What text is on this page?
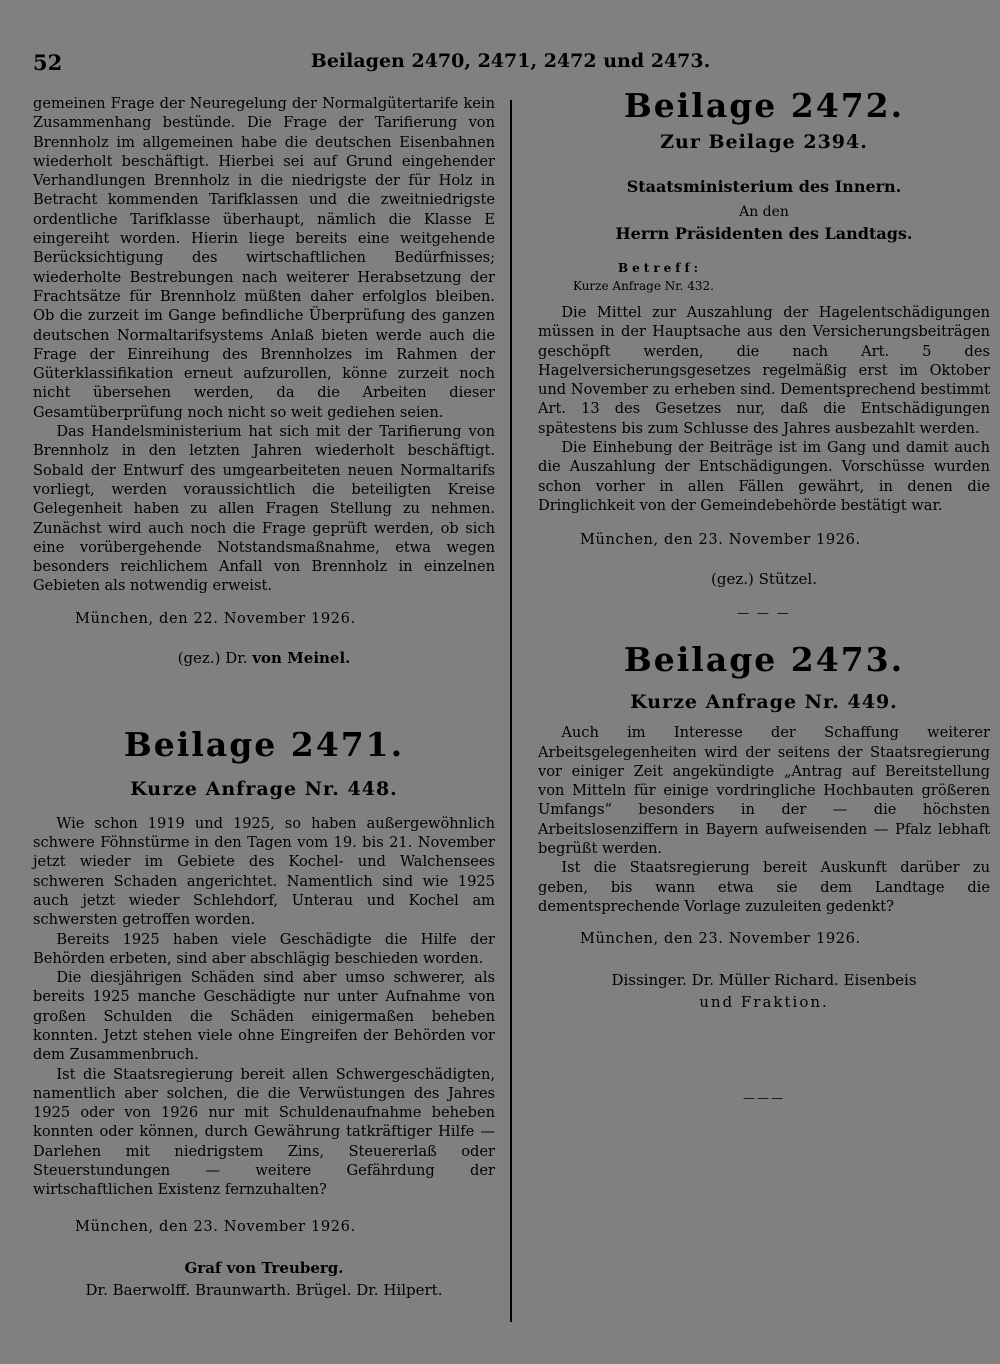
52	Beilagen 2470, 2471, 2472 und 2473.

gemeinen Frage der Neuregelung der Normalgütertarife kein Zusammenhang bestünde. Die Frage der Tarifierung von Brennholz im allgemeinen habe die deutschen Eisenbahnen wiederholt beschäftigt. Hierbei sei auf Grund eingehender Verhandlungen Brennholz in die niedrigste der für Holz in Betracht kommenden Tarifklassen und die zweitniedrigste ordentliche Tarifklasse überhaupt, nämlich die Klasse E eingereiht worden. Hierin liege bereits eine weitgehende Berücksichtigung des wirtschaftlichen Bedürfnisses; wiederholte Bestrebungen nach weiterer Herabsetzung der Frachtsätze für Brennholz müßten daher erfolglos bleiben. Ob die zurzeit im Gange befindliche Überprüfung des ganzen deutschen Normaltarifsystems Anlaß bieten werde auch die Frage der Einreihung des Brennholzes im Rahmen der Güterklassifikation erneut aufzurollen, könne zurzeit noch nicht übersehen werden, da die Arbeiten dieser Gesamtüberprüfung noch nicht so weit gediehen seien.

Das Handelsministerium hat sich mit der Tarifierung von Brennholz in den letzten Jahren wiederholt beschäftigt. Sobald der Entwurf des umgearbeiteten neuen Normaltarifs vorliegt, werden voraussichtlich die beteiligten Kreise Gelegenheit haben zu allen Fragen Stellung zu nehmen. Zunächst wird auch noch die Frage geprüft werden, ob sich eine vorübergehende Notstandsmaßnahme, etwa wegen besonders reichlichem Anfall von Brennholz in einzelnen Gebieten als notwendig erweist.

München, den 22. November 1926.
(gez.) Dr. von Meinel.
Beilage 2471.
Kurze Anfrage Nr. 448.

Wie schon 1919 und 1925, so haben außergewöhnlich schwere Föhnstürme in den Tagen vom 19. bis 21. November jetzt wieder im Gebiete des Kochel- und Walchensees schweren Schaden angerichtet. Namentlich sind wie 1925 auch jetzt wieder Schlehdorf, Unterau und Kochel am schwersten getroffen worden.

Bereits 1925 haben viele Geschädigte die Hilfe der Behörden erbeten, sind aber abschlägig beschieden worden.

Die diesjährigen Schäden sind aber umso schwerer, als bereits 1925 manche Geschädigte nur unter Aufnahme von großen Schulden die Schäden einigermaßen beheben konnten. Jetzt stehen viele ohne Eingreifen der Behörden vor dem Zusammenbruch.

Ist die Staatsregierung bereit allen Schwergeschädigten, namentlich aber solchen, die die Verwüstungen des Jahres 1925 oder von 1926 nur mit Schuldenaufnahme beheben konnten oder können, durch Gewährung tatkräftiger Hilfe — Darlehen mit niedrigstem Zins, Steuererlaß oder Steuerstundungen — weitere Gefährdung der wirtschaftlichen Existenz fernzuhalten?

München, den 23. November 1926.
Graf von Treuberg.
Dr. Baerwolff. Braunwarth. Brügel. Dr. Hilpert.
Beilage 2472.
Zur Beilage 2394.
Staatsministerium des Innern.
An den
Herrn Präsidenten des Landtags.
Betreff:
Kurze Anfrage Nr. 432.

Die Mittel zur Auszahlung der Hagelentschädigungen müssen in der Hauptsache aus den Versicherungsbeiträgen geschöpft werden, die nach Art. 5 des Hagelversicherungsgesetzes regelmäßig erst im Oktober und November zu erheben sind. Dementsprechend bestimmt Art. 13 des Gesetzes nur, daß die Entschädigungen spätestens bis zum Schlusse des Jahres ausbezahlt werden.

Die Einhebung der Beiträge ist im Gang und damit auch die Auszahlung der Entschädigungen. Vorschüsse wurden schon vorher in allen Fällen gewährt, in denen die Dringlichkeit von der Gemeindebehörde bestätigt war.

München, den 23. November 1926.
(gez.) Stützel.
— — —
Beilage 2473.
Kurze Anfrage Nr. 449.

Auch im Interesse der Schaffung weiterer Arbeitsgelegenheiten wird der seitens der Staatsregierung vor einiger Zeit angekündigte „Antrag auf Bereitstellung von Mitteln für einige vordringliche Hochbauten größeren Umfangs“ besonders in der — die höchsten Arbeitslosenziffern in Bayern aufweisenden — Pfalz lebhaft begrüßt werden.

Ist die Staatsregierung bereit Auskunft darüber zu geben, bis wann etwa sie dem Landtage die dementsprechende Vorlage zuzuleiten gedenkt?

München, den 23. November 1926.
Dissinger. Dr. Müller Richard. Eisenbeis
und Fraktion.
———
